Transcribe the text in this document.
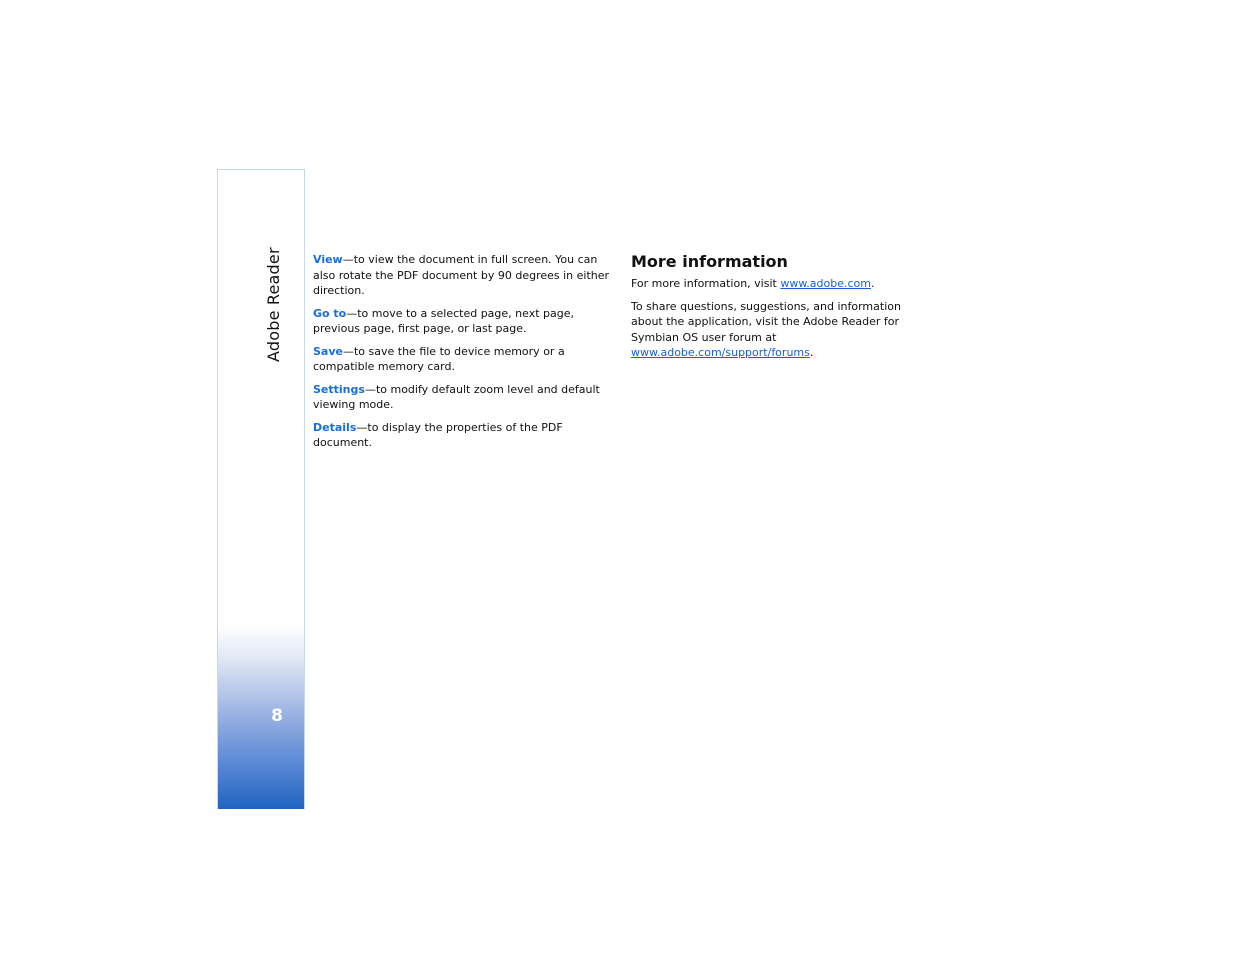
Adobe Reader
8

View—to view the document in full screen. You can also rotate the PDF document by 90 degrees in either direction.

Go to—to move to a selected page, next page, previous page, first page, or last page.

Save—to save the file to device memory or a compatible memory card.

Settings—to modify default zoom level and default viewing mode.

Details—to display the properties of the PDF document.

More information

For more information, visit www.adobe.com.

To share questions, suggestions, and information about the application, visit the Adobe Reader for Symbian OS user forum at www.adobe.com/support/forums.
